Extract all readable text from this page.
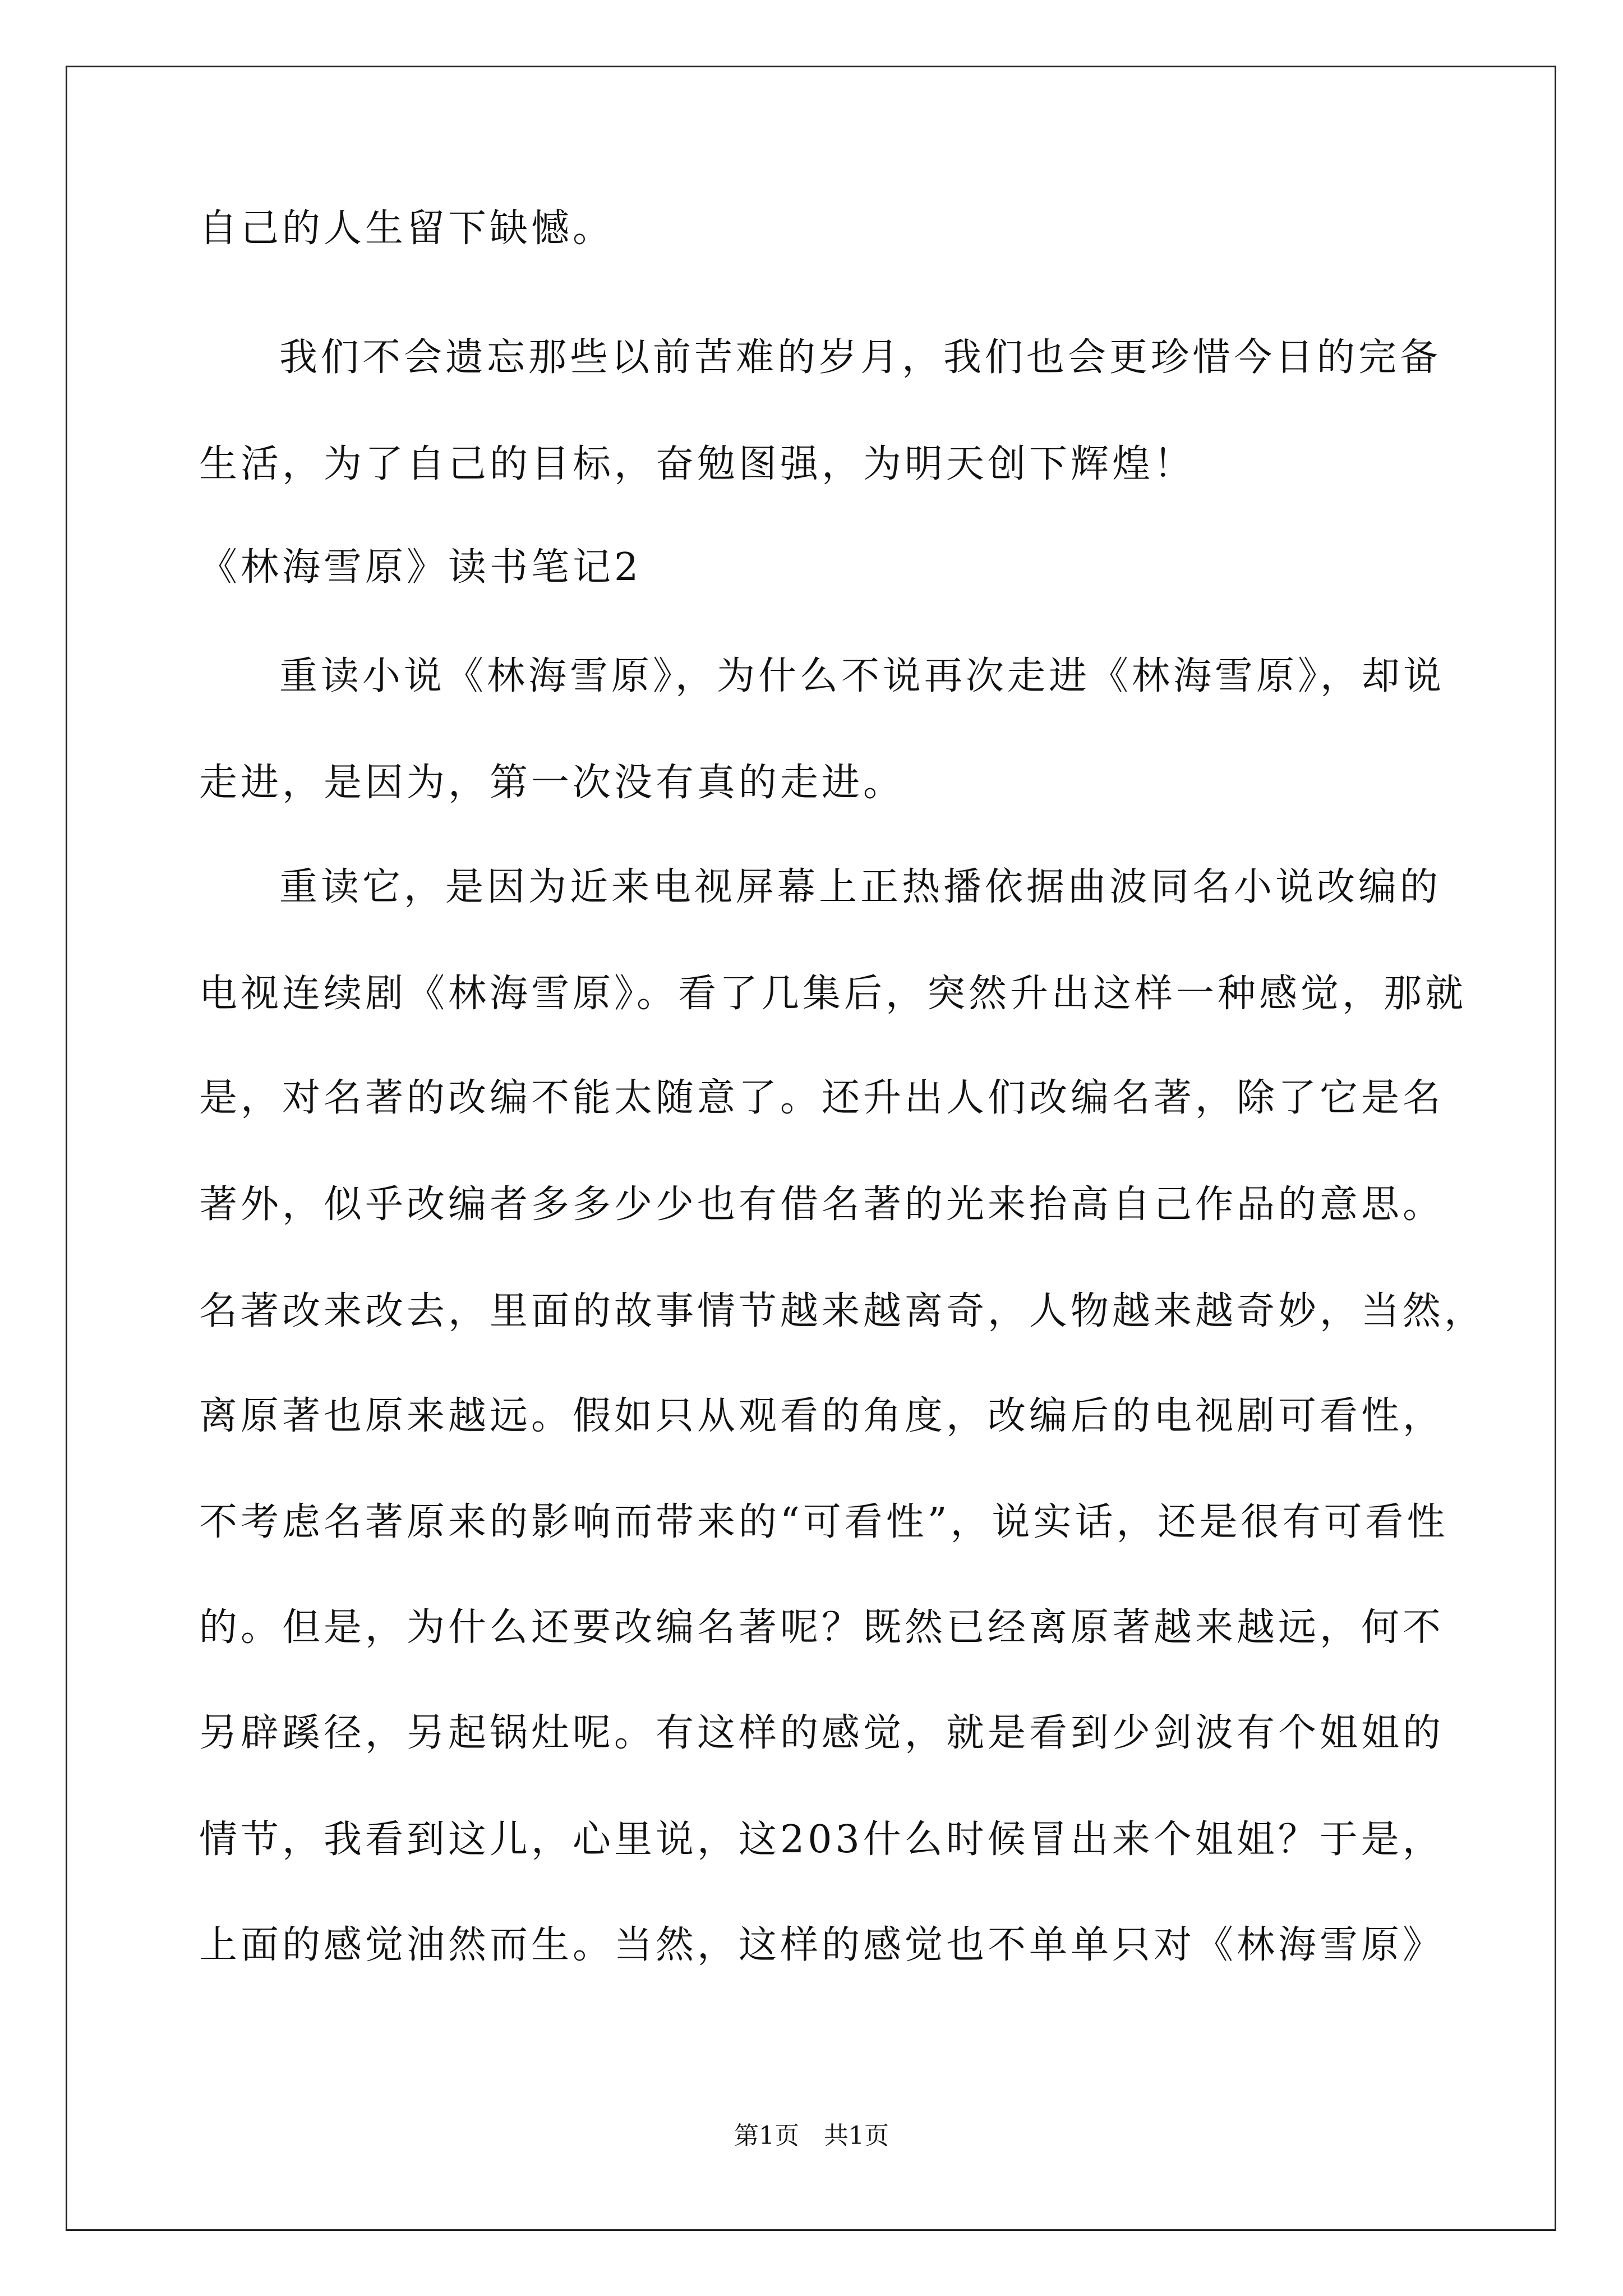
自己的人生留下缺憾。
我们不会遗忘那些以前苦难的岁月，我们也会更珍惜今日的完备
生活，为了自己的目标，奋勉图强，为明天创下辉煌！
《林海雪原》读书笔记2
重读小说《林海雪原》，为什么不说再次走进《林海雪原》，却说
走进，是因为，第一次没有真的走进。
重读它，是因为近来电视屏幕上正热播依据曲波同名小说改编的
电视连续剧《林海雪原》。看了几集后，突然升出这样一种感觉，那就
是，对名著的改编不能太随意了。还升出人们改编名著，除了它是名
著外，似乎改编者多多少少也有借名著的光来抬高自己作品的意思。
名著改来改去，里面的故事情节越来越离奇，人物越来越奇妙，当然，
离原著也原来越远。假如只从观看的角度，改编后的电视剧可看性，
不考虑名著原来的影响而带来的“可看性”，说实话，还是很有可看性
的。但是，为什么还要改编名著呢？既然已经离原著越来越远，何不
另辟蹊径，另起锅灶呢。有这样的感觉，就是看到少剑波有个姐姐的
情节，我看到这儿，心里说，这203什么时候冒出来个姐姐？于是，
上面的感觉油然而生。当然，这样的感觉也不单单只对《林海雪原》
第1页　共1页
